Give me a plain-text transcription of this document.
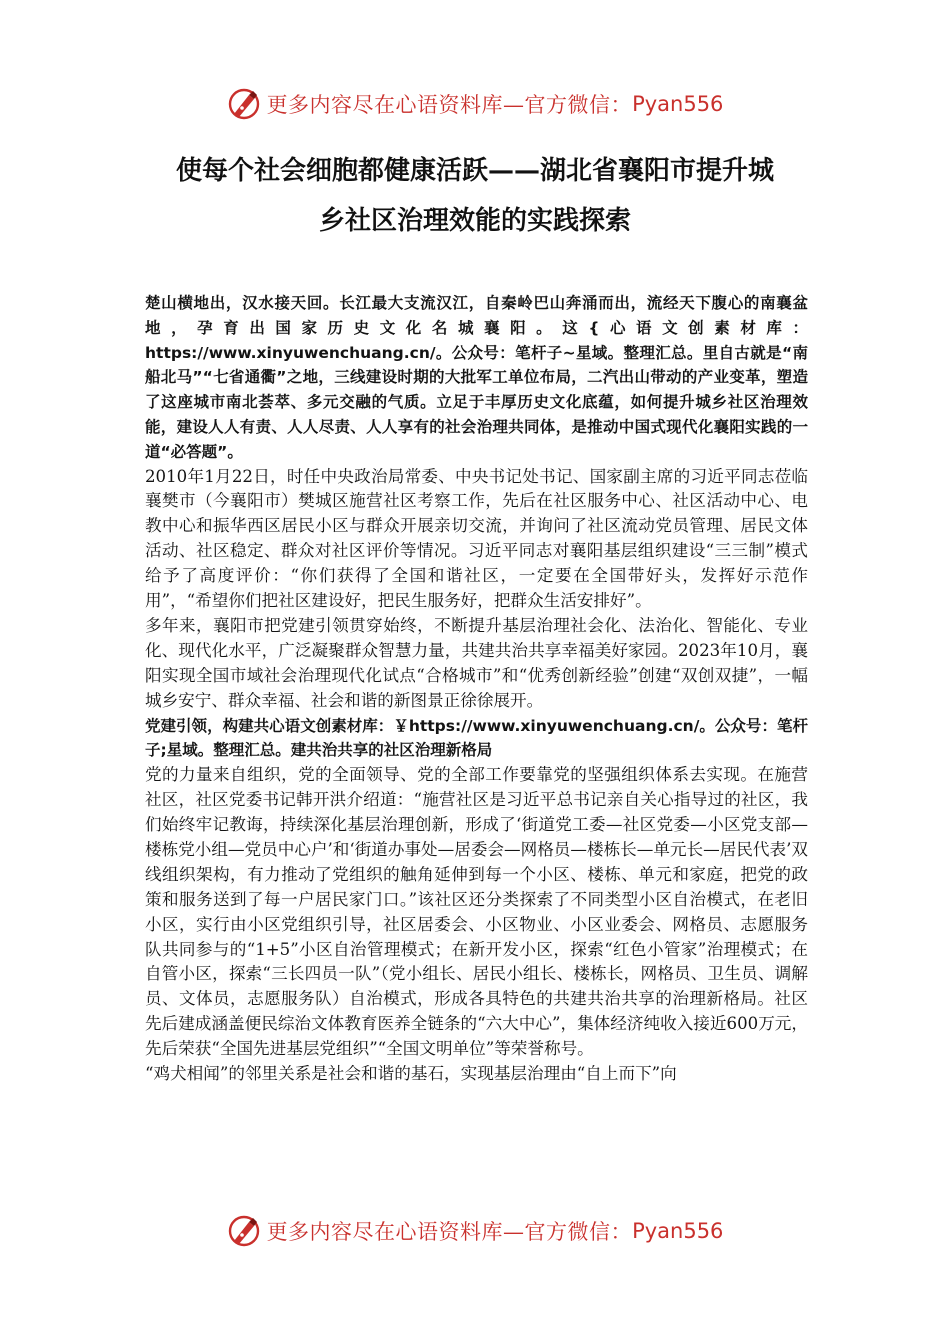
更多内容尽在心语资料库—官方微信： Pyan556
使每个社会细胞都健康活跃——湖北省襄阳市提升城
乡社区治理效能的实践探索

楚山横地出，汉水接天回。长江最大支流汉江，自秦岭巴山奔涌而出，流经天下腹心的南襄盆地，孕育出国家历史文化名城襄阳。这{心语文创素材库：https://www.xinyuwenchuang.cn/。公众号：笔杆子~星域。整理汇总。里自古就是“南船北马”“七省通衢”之地，三线建设时期的大批军工单位布局，二汽出山带动的产业变革，塑造了这座城市南北荟萃、多元交融的气质。立足于丰厚历史文化底蕴，如何提升城乡社区治理效能，建设人人有责、人人尽责、人人享有的社会治理共同体，是推动中国式现代化襄阳实践的一道“必答题”。

2010年1月22日，时任中央政治局常委、中央书记处书记、国家副主席的习近平同志莅临襄樊市（今襄阳市）樊城区施营社区考察工作，先后在社区服务中心、社区活动中心、电教中心和振华西区居民小区与群众开展亲切交流，并询问了社区流动党员管理、居民文体活动、社区稳定、群众对社区评价等情况。习近平同志对襄阳基层组织建设“三三制”模式给予了高度评价：“你们获得了全国和谐社区，一定要在全国带好头，发挥好示范作用”，“希望你们把社区建设好，把民生服务好，把群众生活安排好”。

多年来，襄阳市把党建引领贯穿始终，不断提升基层治理社会化、法治化、智能化、专业化、现代化水平，广泛凝聚群众智慧力量，共建共治共享幸福美好家园。2023年10月，襄阳实现全国市域社会治理现代化试点“合格城市”和“优秀创新经验”创建“双创双捷”，一幅城乡安宁、群众幸福、社会和谐的新图景正徐徐展开。

党建引领，构建共心语文创素材库：￥https://www.xinyuwenchuang.cn/。公众号：笔杆子;星域。整理汇总。建共治共享的社区治理新格局

党的力量来自组织，党的全面领导、党的全部工作要靠党的坚强组织体系去实现。在施营社区，社区党委书记韩开洪介绍道：“施营社区是习近平总书记亲自关心指导过的社区，我们始终牢记教诲，持续深化基层治理创新，形成了‘街道党工委—社区党委—小区党支部—楼栋党小组—党员中心户’和‘街道办事处—居委会—网格员—楼栋长—单元长—居民代表’双线组织架构，有力推动了党组织的触角延伸到每一个小区、楼栋、单元和家庭，把党的政策和服务送到了每一户居民家门口。”该社区还分类探索了不同类型小区自治模式，在老旧小区，实行由小区党组织引导，社区居委会、小区物业、小区业委会、网格员、志愿服务队共同参与的“1+5”小区自治管理模式；在新开发小区，探索“红色小管家”治理模式；在自管小区，探索“三长四员一队”（党小组长、居民小组长、楼栋长，网格员、卫生员、调解员、文体员，志愿服务队）自治模式，形成各具特色的共建共治共享的治理新格局。社区先后建成涵盖便民综治文体教育医养全链条的“六大中心”，集体经济纯收入接近600万元，先后荣获“全国先进基层党组织”“全国文明单位”等荣誉称号。

“鸡犬相闻”的邻里关系是社会和谐的基石，实现基层治理由“自上而下”向

更多内容尽在心语资料库—官方微信： Pyan556
